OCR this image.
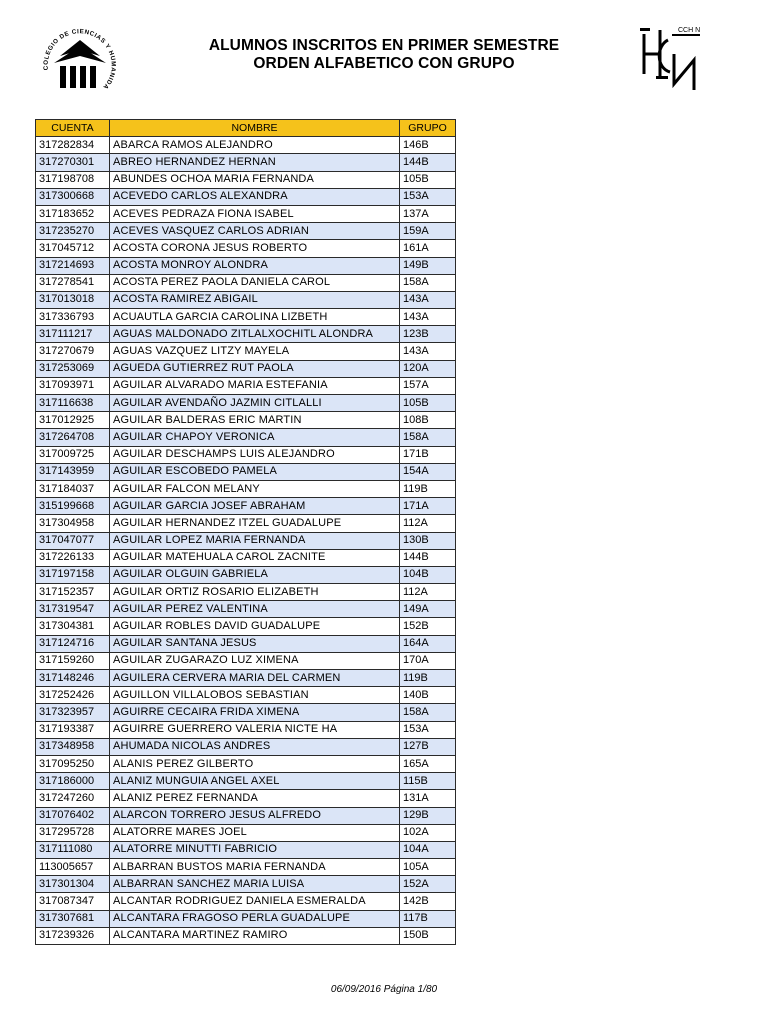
COLEGIO DE CIENCIAS Y HUMANIDA
CCH N
ALUMNOS INSCRITOS EN PRIMER SEMESTRE
ORDEN ALFABETICO CON GRUPO
CUENTA	NOMBRE	GRUPO
317282834	ABARCA RAMOS ALEJANDRO	146B
317270301	ABREO HERNANDEZ HERNAN	144B
317198708	ABUNDES OCHOA MARIA FERNANDA	105B
317300668	ACEVEDO CARLOS ALEXANDRA	153A
317183652	ACEVES PEDRAZA FIONA ISABEL	137A
317235270	ACEVES VASQUEZ CARLOS ADRIAN	159A
317045712	ACOSTA CORONA JESUS ROBERTO	161A
317214693	ACOSTA MONROY ALONDRA	149B
317278541	ACOSTA PEREZ PAOLA DANIELA CAROL	158A
317013018	ACOSTA RAMIREZ ABIGAIL	143A
317336793	ACUAUTLA GARCIA CAROLINA LIZBETH	143A
317111217	AGUAS MALDONADO ZITLALXOCHITL ALONDRA	123B
317270679	AGUAS VAZQUEZ LITZY MAYELA	143A
317253069	AGUEDA GUTIERREZ RUT PAOLA	120A
317093971	AGUILAR ALVARADO MARIA ESTEFANIA	157A
317116638	AGUILAR AVENDAÑO JAZMIN CITLALLI	105B
317012925	AGUILAR BALDERAS ERIC MARTIN	108B
317264708	AGUILAR CHAPOY VERONICA	158A
317009725	AGUILAR DESCHAMPS LUIS ALEJANDRO	171B
317143959	AGUILAR ESCOBEDO PAMELA	154A
317184037	AGUILAR FALCON MELANY	119B
315199668	AGUILAR GARCIA JOSEF ABRAHAM	171A
317304958	AGUILAR HERNANDEZ ITZEL GUADALUPE	112A
317047077	AGUILAR LOPEZ MARIA FERNANDA	130B
317226133	AGUILAR MATEHUALA CAROL ZACNITE	144B
317197158	AGUILAR OLGUIN GABRIELA	104B
317152357	AGUILAR ORTIZ ROSARIO ELIZABETH	112A
317319547	AGUILAR PEREZ VALENTINA	149A
317304381	AGUILAR ROBLES DAVID GUADALUPE	152B
317124716	AGUILAR SANTANA JESUS	164A
317159260	AGUILAR ZUGARAZO LUZ XIMENA	170A
317148246	AGUILERA CERVERA MARIA DEL CARMEN	119B
317252426	AGUILLON VILLALOBOS SEBASTIAN	140B
317323957	AGUIRRE CECAIRA FRIDA XIMENA	158A
317193387	AGUIRRE GUERRERO VALERIA NICTE HA	153A
317348958	AHUMADA NICOLAS ANDRES	127B
317095250	ALANIS PEREZ GILBERTO	165A
317186000	ALANIZ MUNGUIA ANGEL AXEL	115B
317247260	ALANIZ PEREZ FERNANDA	131A
317076402	ALARCON TORRERO JESUS ALFREDO	129B
317295728	ALATORRE MARES JOEL	102A
317111080	ALATORRE MINUTTI FABRICIO	104A
113005657	ALBARRAN BUSTOS MARIA FERNANDA	105A
317301304	ALBARRAN SANCHEZ MARIA LUISA	152A
317087347	ALCANTAR RODRIGUEZ DANIELA ESMERALDA	142B
317307681	ALCANTARA FRAGOSO PERLA GUADALUPE	117B
317239326	ALCANTARA MARTINEZ RAMIRO	150B
06/09/2016 Página 1/80
